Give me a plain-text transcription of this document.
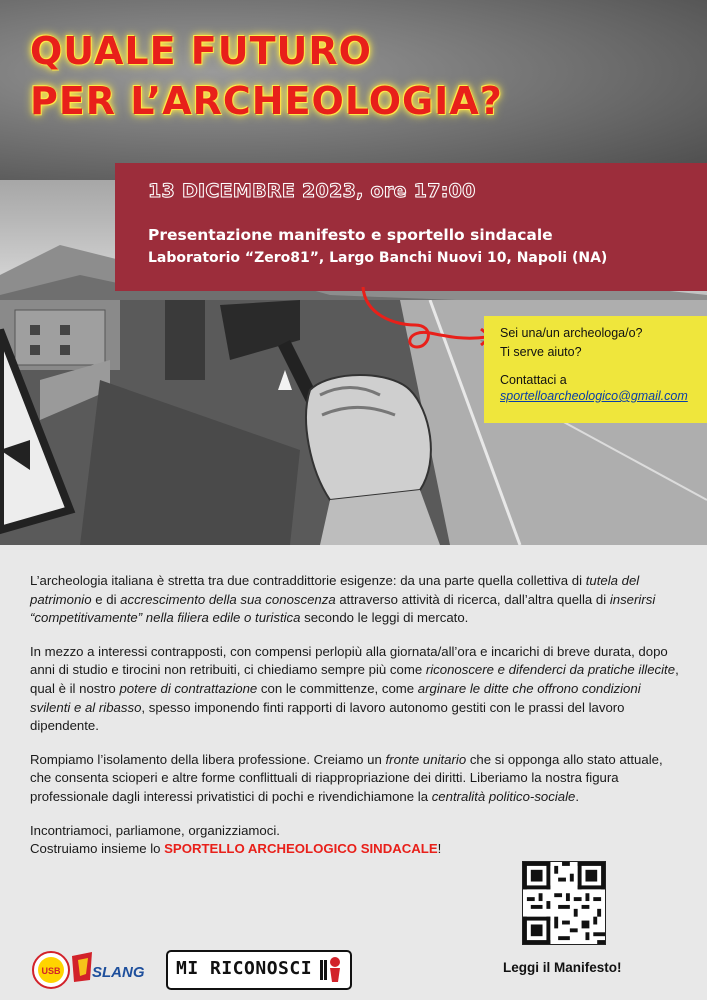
QUALE FUTURO
PER L’ARCHEOLOGIA?
13 DICEMBRE 2023, ore 17:00
Presentazione manifesto e sportello sindacale
Laboratorio “Zero81”, Largo Banchi Nuovi 10, Napoli (NA)
Sei una/un archeologa/o?
Ti serve aiuto?
Contattaci a
sportelloarcheologico@gmail.com

L’archeologia italiana è stretta tra due contraddittorie esigenze: da una parte quella collettiva di tutela del patrimonio e di accrescimento della sua conoscenza attraverso attività di ricerca, dall’altra quella di inserirsi “competitivamente” nella filiera edile o turistica secondo le leggi di mercato.

In mezzo a interessi contrapposti, con compensi perlopiù alla giornata/all’ora e incarichi di breve durata, dopo anni di studio e tirocini non retribuiti, ci chiediamo sempre più come riconoscere e difenderci da pratiche illecite, qual è il nostro potere di contrattazione con le committenze, come arginare le ditte che offrono condizioni svilenti e al ribasso, spesso imponendo finti rapporti di lavoro autonomo gestiti con le prassi del lavoro dipendente.

Rompiamo l’isolamento della libera professione. Creiamo un fronte unitario che si opponga allo stato attuale, che consenta scioperi e altre forme conflittuali di riappropriazione dei diritti. Liberiamo la nostra figura professionale dagli interessi privatistici di pochi e rivendichiamone la centralità politico-sociale.

Incontriamoci, parliamone, organizziamoci.
Costruiamo insieme lo SPORTELLO ARCHEOLOGICO SINDACALE!

Leggi il Manifesto!
USB SLANG MI RICONOSCI
